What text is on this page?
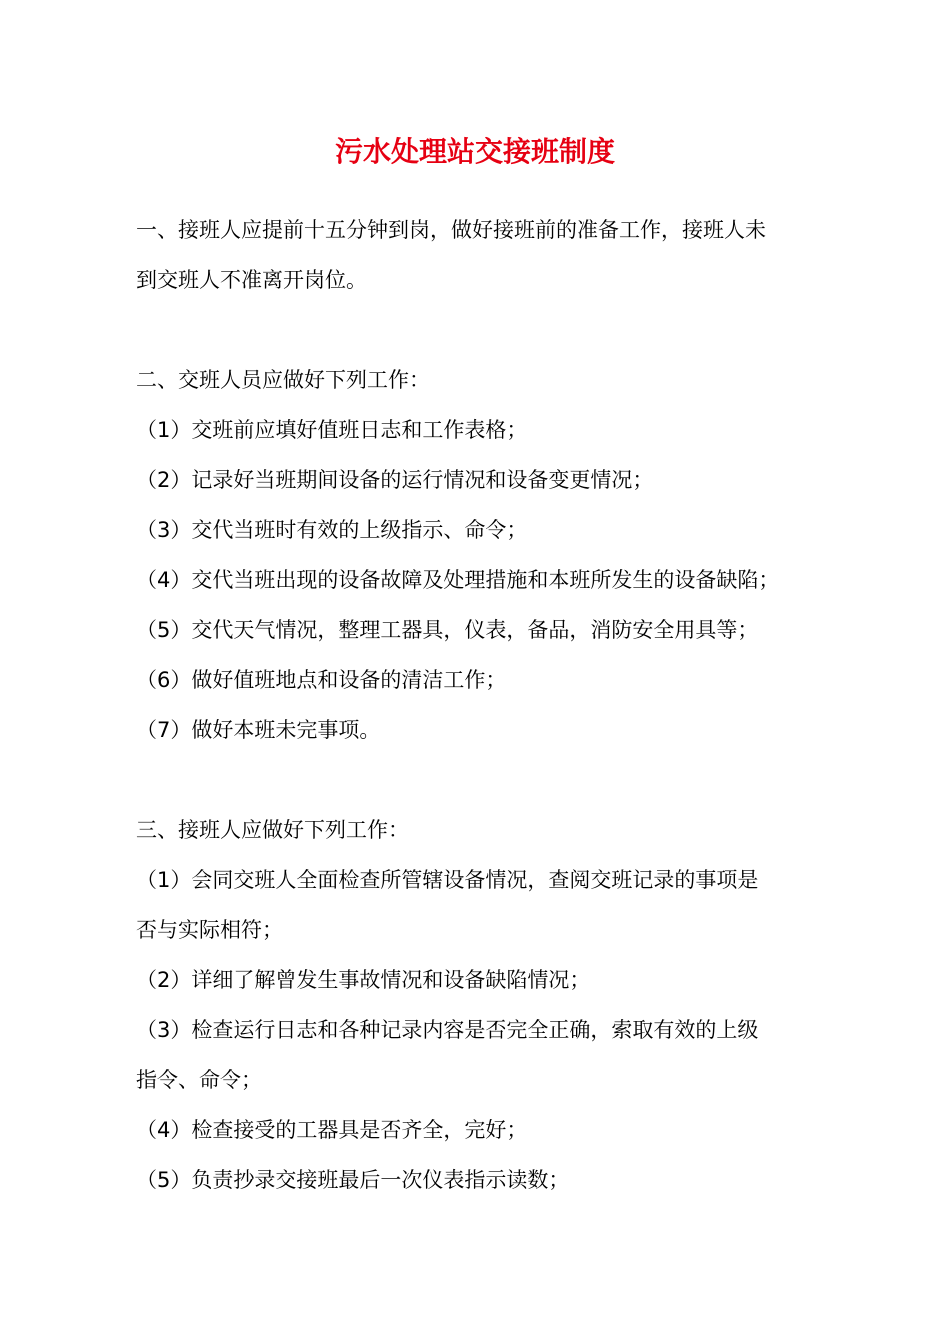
污水处理站交接班制度
一、接班人应提前十五分钟到岗，做好接班前的准备工作，接班人未
到交班人不准离开岗位。
二、交班人员应做好下列工作：
（1）交班前应填好值班日志和工作表格；
（2）记录好当班期间设备的运行情况和设备变更情况；
（3）交代当班时有效的上级指示、命令；
（4）交代当班出现的设备故障及处理措施和本班所发生的设备缺陷；
（5）交代天气情况，整理工器具，仪表，备品，消防安全用具等；
（6）做好值班地点和设备的清洁工作；
（7）做好本班未完事项。
三、接班人应做好下列工作：
（1）会同交班人全面检查所管辖设备情况，查阅交班记录的事项是
否与实际相符；
（2）详细了解曾发生事故情况和设备缺陷情况；
（3）检查运行日志和各种记录内容是否完全正确，索取有效的上级
指令、命令；
（4）检查接受的工器具是否齐全，完好；
（5）负责抄录交接班最后一次仪表指示读数；
